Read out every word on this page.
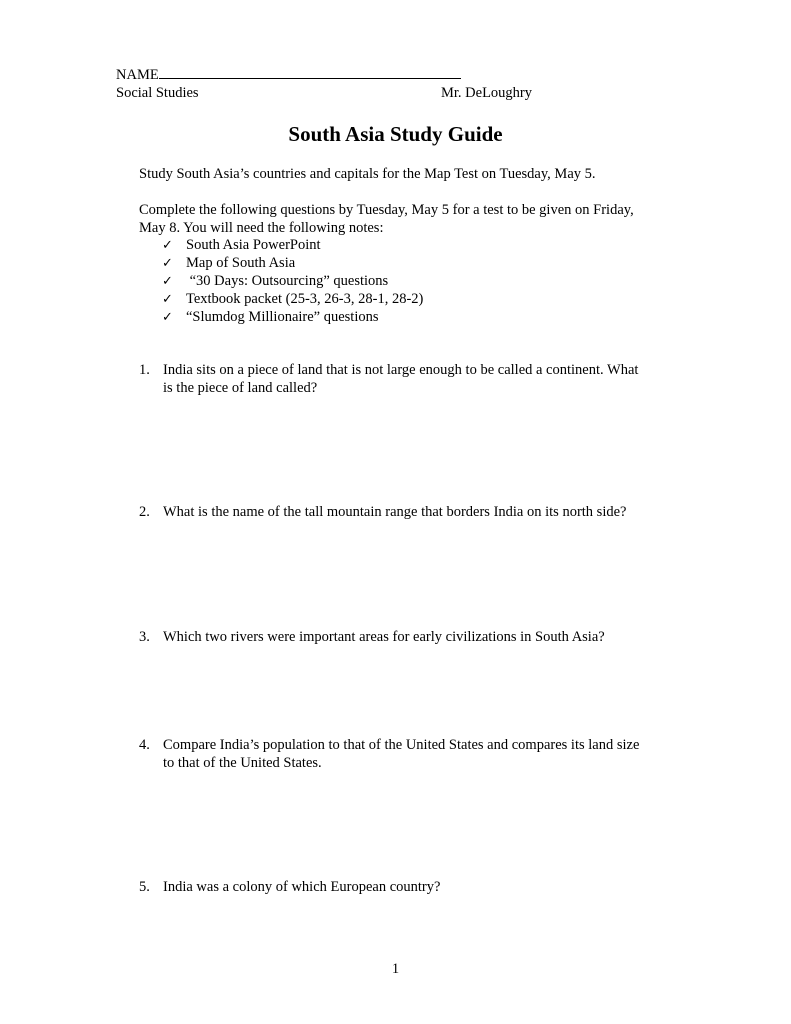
NAME
Social Studies	Mr. DeLoughry
South Asia Study Guide
Study South Asia’s countries and capitals for the Map Test on Tuesday, May 5.
Complete the following questions by Tuesday, May 5 for a test to be given on Friday,
May 8. You will need the following notes:
✓ South Asia PowerPoint
✓ Map of South Asia
✓ “30 Days: Outsourcing” questions
✓ Textbook packet (25-3, 26-3, 28-1, 28-2)
✓ “Slumdog Millionaire” questions
1. India sits on a piece of land that is not large enough to be called a continent. What
is the piece of land called?
2. What is the name of the tall mountain range that borders India on its north side?
3. Which two rivers were important areas for early civilizations in South Asia?
4. Compare India’s population to that of the United States and compares its land size
to that of the United States.
5. India was a colony of which European country?
1
